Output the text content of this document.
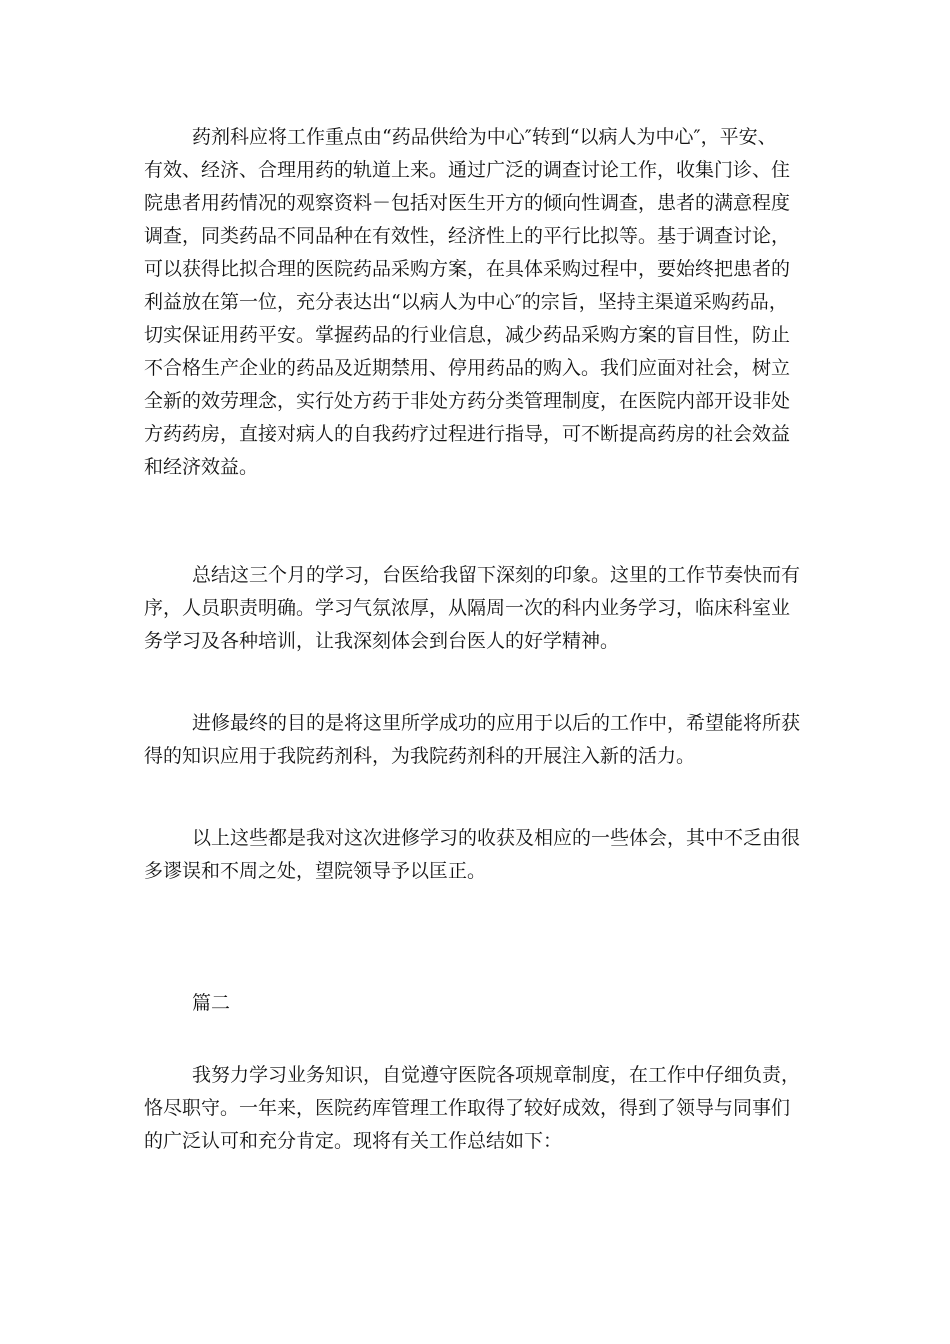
药剂科应将工作重点由“药品供给为中心″转到“以病人为中心″，平安、
有效、经济、合理用药的轨道上来。通过广泛的调查讨论工作，收集门诊、住
院患者用药情况的观察资料－包括对医生开方的倾向性调查，患者的满意程度
调查，同类药品不同品种在有效性，经济性上的平行比拟等。基于调查讨论，
可以获得比拟合理的医院药品采购方案，在具体采购过程中，要始终把患者的
利益放在第一位，充分表达出“以病人为中心″的宗旨，坚持主渠道采购药品，
切实保证用药平安。掌握药品的行业信息，减少药品采购方案的盲目性，防止
不合格生产企业的药品及近期禁用、停用药品的购入。我们应面对社会，树立
全新的效劳理念，实行处方药于非处方药分类管理制度，在医院内部开设非处
方药药房，直接对病人的自我药疗过程进行指导，可不断提高药房的社会效益
和经济效益。
总结这三个月的学习，台医给我留下深刻的印象。这里的工作节奏快而有
序，人员职责明确。学习气氛浓厚，从隔周一次的科内业务学习，临床科室业
务学习及各种培训，让我深刻体会到台医人的好学精神。
进修最终的目的是将这里所学成功的应用于以后的工作中，希望能将所获
得的知识应用于我院药剂科，为我院药剂科的开展注入新的活力。
以上这些都是我对这次进修学习的收获及相应的一些体会，其中不乏由很
多谬误和不周之处，望院领导予以匡正。
篇二
我努力学习业务知识，自觉遵守医院各项规章制度，在工作中仔细负责，
恪尽职守。一年来，医院药库管理工作取得了较好成效，得到了领导与同事们
的广泛认可和充分肯定。现将有关工作总结如下：
